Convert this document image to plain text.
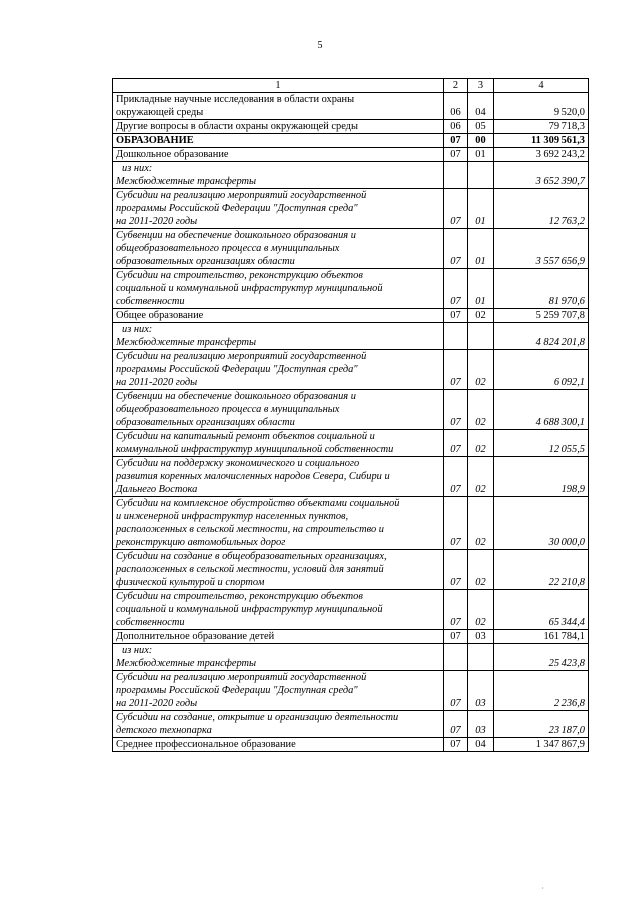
5
1	2	3	4
Прикладные научные исследования в области охраны
окружающей среды	06	04	9 520,0
Другие вопросы в области охраны окружающей среды	06	05	79 718,3
ОБРАЗОВАНИЕ	07	00	11 309 561,3
Дошкольное образование	07	01	3 692 243,2
из них:
Межбюджетные трансферты			3 652 390,7
Субсидии на реализацию мероприятий государственной
программы Российской Федерации "Доступная среда"
на 2011-2020 годы	07	01	12 763,2
Субвенции на обеспечение дошкольного образования и
общеобразовательного процесса в муниципальных
образовательных организациях области	07	01	3 557 656,9
Субсидии на строительство, реконструкцию объектов
социальной и коммунальной инфраструктур муниципальной
собственности	07	01	81 970,6
Общее образование	07	02	5 259 707,8
из них:
Межбюджетные трансферты			4 824 201,8
Субсидии на реализацию мероприятий государственной
программы Российской Федерации "Доступная среда"
на 2011-2020 годы	07	02	6 092,1
Субвенции на обеспечение дошкольного образования и
общеобразовательного процесса в муниципальных
образовательных организациях области	07	02	4 688 300,1
Субсидии на капитальный ремонт объектов социальной и
коммунальной инфраструктур муниципальной собственности	07	02	12 055,5
Субсидии на поддержку экономического и социального
развития коренных малочисленных народов Севера, Сибири и
Дальнего Востока	07	02	198,9
Субсидии на комплексное обустройство объектами социальной
и инженерной инфраструктур населенных пунктов,
расположенных в сельской местности, на строительство и
реконструкцию автомобильных дорог	07	02	30 000,0
Субсидии на создание в общеобразовательных организациях,
расположенных в сельской местности, условий для занятий
физической культурой и спортом	07	02	22 210,8
Субсидии на строительство, реконструкцию объектов
социальной и коммунальной инфраструктур муниципальной
собственности	07	02	65 344,4
Дополнительное образование детей	07	03	161 784,1
из них:
Межбюджетные трансферты			25 423,8
Субсидии на реализацию мероприятий государственной
программы Российской Федерации "Доступная среда"
на 2011-2020 годы	07	03	2 236,8
Субсидии на создание, открытие и организацию деятельности
детского технопарка	07	03	23 187,0
Среднее профессиональное образование	07	04	1 347 867,9
·
